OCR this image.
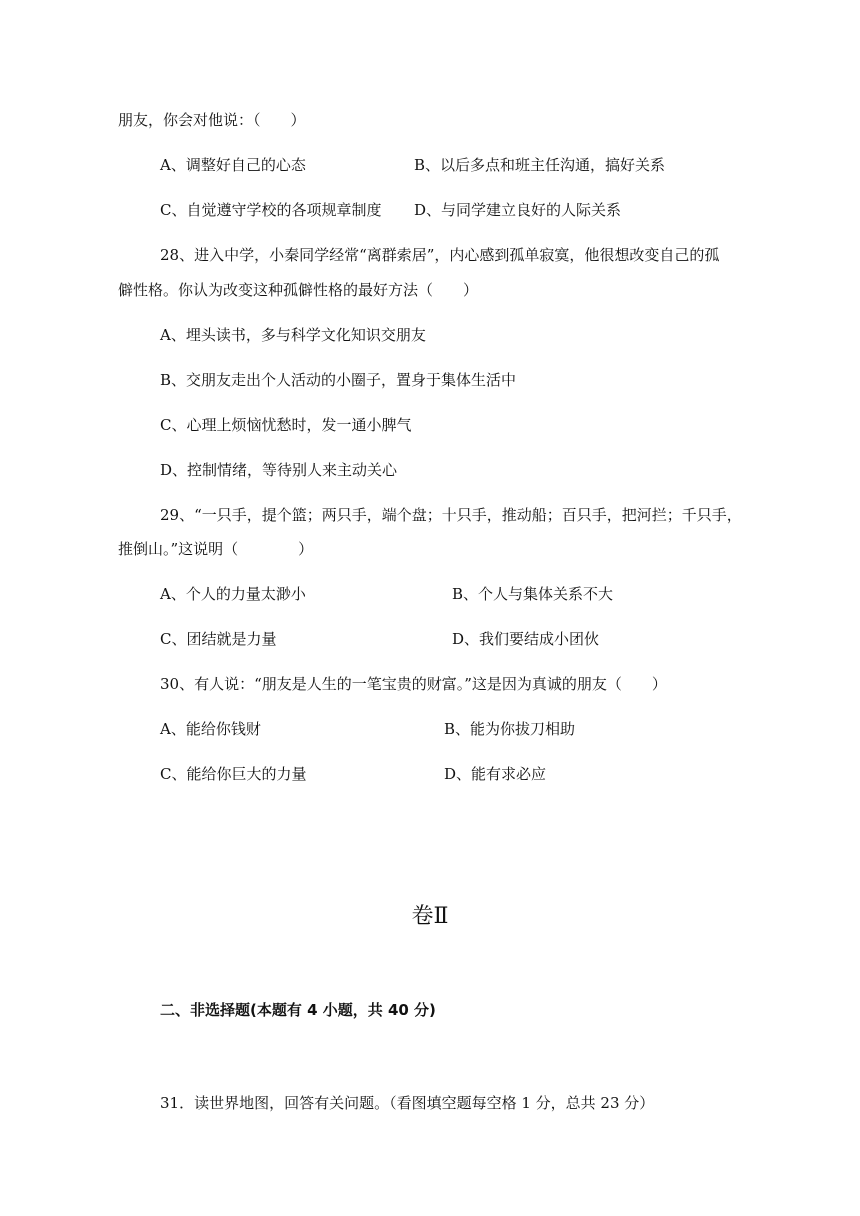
朋友，你会对他说：（　　）
A、调整好自己的心态	B、以后多点和班主任沟通，搞好关系
C、自觉遵守学校的各项规章制度 D、与同学建立良好的人际关系
28、进入中学，小秦同学经常“离群索居”，内心感到孤单寂寞，他很想改变自己的孤
僻性格。你认为改变这种孤僻性格的最好方法（　　）
A、埋头读书，多与科学文化知识交朋友
B、交朋友走出个人活动的小圈子，置身于集体生活中
C、心理上烦恼忧愁时，发一通小脾气
D、控制情绪，等待别人来主动关心
29、“一只手，提个篮；两只手，端个盘；十只手，推动船；百只手，把河拦；千只手，
推倒山。”这说明（　　　　）
A、个人的力量太渺小	B、个人与集体关系不大
C、团结就是力量	D、我们要结成小团伙
30、有人说：“朋友是人生的一笔宝贵的财富。”这是因为真诚的朋友（　　）
A、能给你钱财	B、能为你拔刀相助
C、能给你巨大的力量	D、能有求必应
卷Ⅱ
二、非选择题(本题有 4 小题，共 40 分)
31．读世界地图，回答有关问题。（看图填空题每空格 1 分，总共 23 分）
